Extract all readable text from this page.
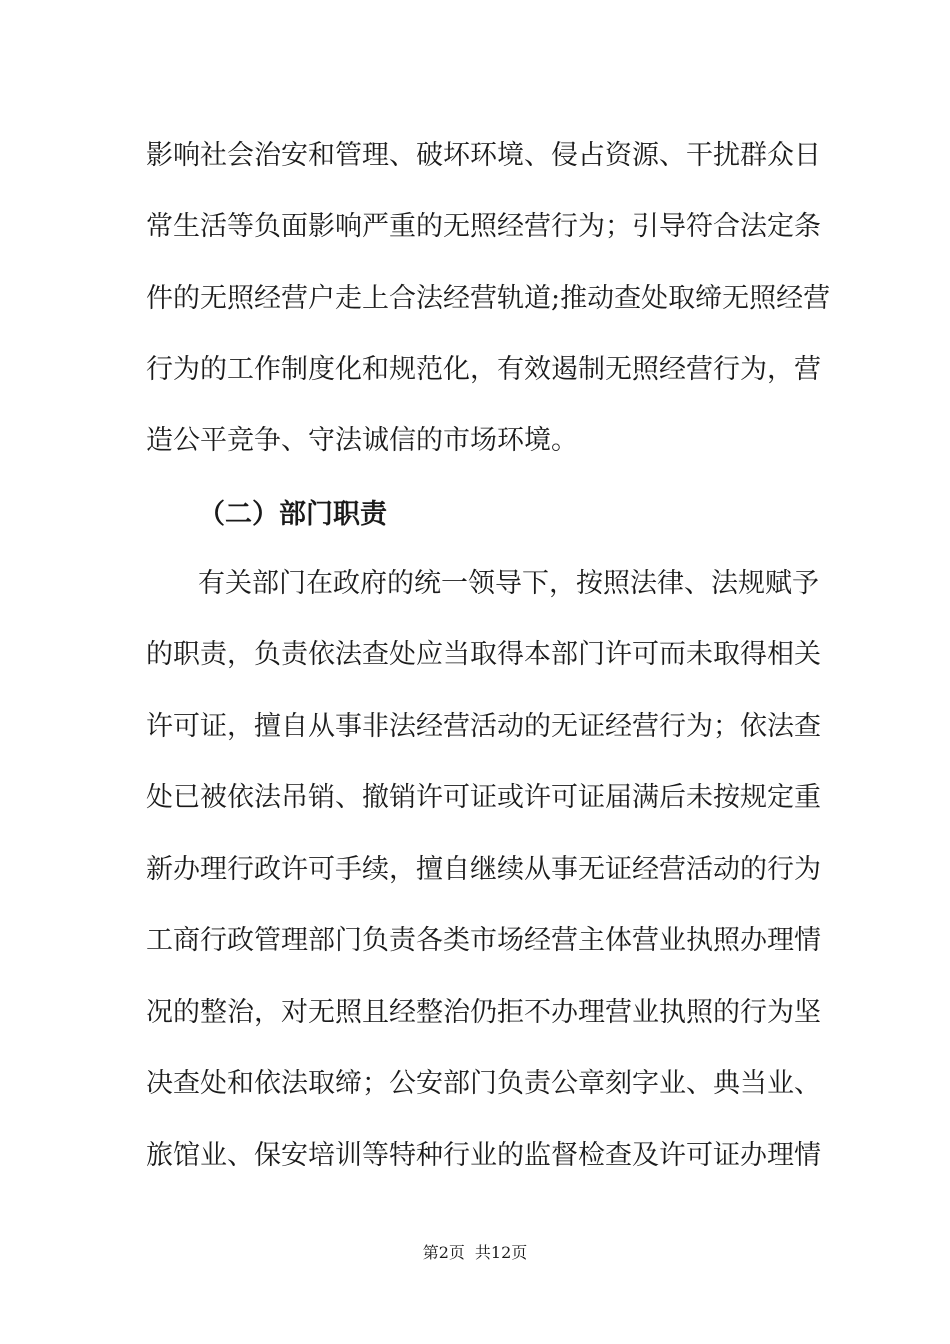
影响社会治安和管理、破坏环境、侵占资源、干扰群众日
常生活等负面影响严重的无照经营行为；引导符合法定条
件的无照经营户走上合法经营轨道;推动查处取缔无照经营
行为的工作制度化和规范化，有效遏制无照经营行为，营
造公平竞争、守法诚信的市场环境。
（二）部门职责
有关部门在政府的统一领导下，按照法律、法规赋予
的职责，负责依法查处应当取得本部门许可而未取得相关
许可证，擅自从事非法经营活动的无证经营行为；依法查
处已被依法吊销、撤销许可证或许可证届满后未按规定重
新办理行政许可手续，擅自继续从事无证经营活动的行为
工商行政管理部门负责各类市场经营主体营业执照办理情
况的整治，对无照且经整治仍拒不办理营业执照的行为坚
决查处和依法取缔；公安部门负责公章刻字业、典当业、
旅馆业、保安培训等特种行业的监督检查及许可证办理情
第2页 共12页
